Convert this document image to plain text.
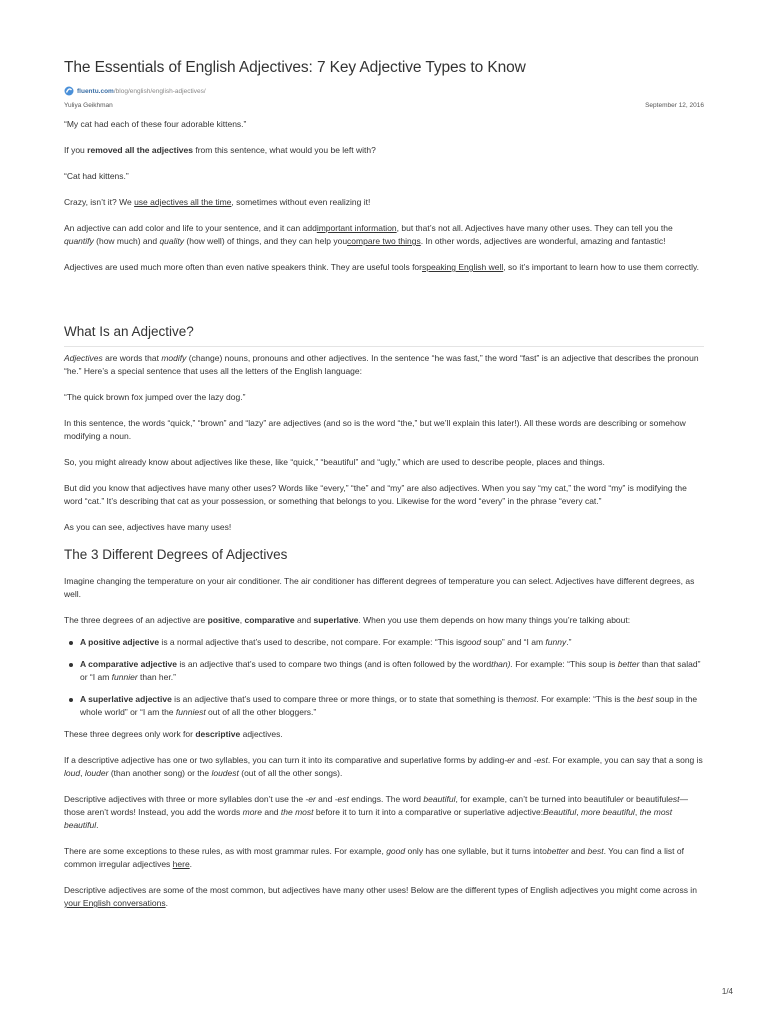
The Essentials of English Adjectives: 7 Key Adjective Types to Know
fluentu.com/blog/english/english-adjectives/
Yuliya Geikhman	September 12, 2016

“My cat had each of these four adorable kittens.”

If you removed all the adjectives from this sentence, what would you be left with?

“Cat had kittens.”

Crazy, isn’t it? We use adjectives all the time, sometimes without even realizing it!

An adjective can add color and life to your sentence, and it can addimportant information, but that’s not all. Adjectives have many other uses. They can tell you the quantify (how much) and quality (how well) of things, and they can help youcompare two things. In other words, adjectives are wonderful, amazing and fantastic!

Adjectives are used much more often than even native speakers think. They are useful tools forspeaking English well, so it’s important to learn how to use them correctly.

What Is an Adjective?

Adjectives are words that modify (change) nouns, pronouns and other adjectives. In the sentence “he was fast,” the word “fast” is an adjective that describes the pronoun “he.” Here’s a special sentence that uses all the letters of the English language:

“The quick brown fox jumped over the lazy dog.”

In this sentence, the words “quick,” “brown” and “lazy” are adjectives (and so is the word “the,” but we’ll explain this later!). All these words are describing or somehow modifying a noun.

So, you might already know about adjectives like these, like “quick,” “beautiful” and “ugly,” which are used to describe people, places and things.

But did you know that adjectives have many other uses? Words like “every,” “the” and “my” are also adjectives. When you say “my cat,” the word “my” is modifying the word “cat.” It’s describing that cat as your possession, or something that belongs to you. Likewise for the word “every” in the phrase “every cat.”

As you can see, adjectives have many uses!

The 3 Different Degrees of Adjectives

Imagine changing the temperature on your air conditioner. The air conditioner has different degrees of temperature you can select. Adjectives have different degrees, as well.

The three degrees of an adjective are positive, comparative and superlative. When you use them depends on how many things you’re talking about:

A positive adjective is a normal adjective that’s used to describe, not compare. For example: “This isgood soup” and “I am funny.”
A comparative adjective is an adjective that’s used to compare two things (and is often followed by the wordthan). For example: “This soup is better than that salad” or “I am funnier than her.”
A superlative adjective is an adjective that’s used to compare three or more things, or to state that something is themost. For example: “This is the best soup in the whole world” or “I am the funniest out of all the other bloggers.”

These three degrees only work for descriptive adjectives.

If a descriptive adjective has one or two syllables, you can turn it into its comparative and superlative forms by adding-er and -est. For example, you can say that a song is loud, louder (than another song) or the loudest (out of all the other songs).

Descriptive adjectives with three or more syllables don’t use the -er and -est endings. The word beautiful, for example, can’t be turned into beautifuler or beautifulest—those aren’t words! Instead, you add the words more and the most before it to turn it into a comparative or superlative adjective:Beautiful, more beautiful, the most beautiful.

There are some exceptions to these rules, as with most grammar rules. For example, good only has one syllable, but it turns intobetter and best. You can find a list of common irregular adjectives here.

Descriptive adjectives are some of the most common, but adjectives have many other uses! Below are the different types of English adjectives you might come across in your English conversations.

1/4
